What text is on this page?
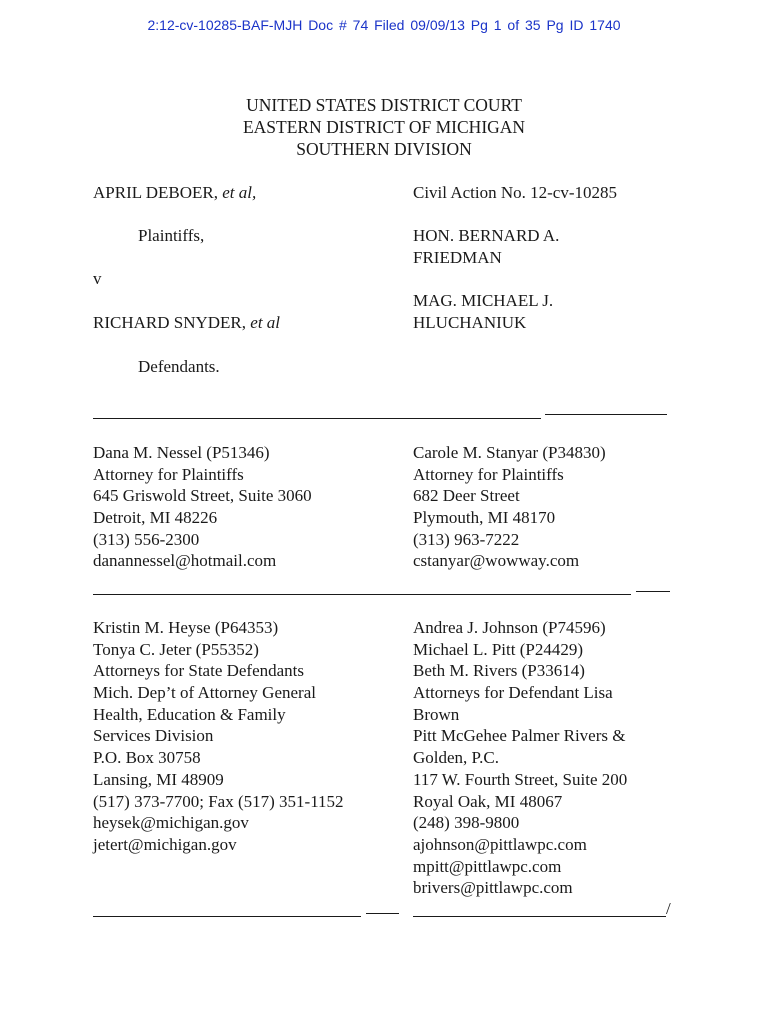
2:12-cv-10285-BAF-MJH Doc # 74 Filed 09/09/13 Pg 1 of 35 Pg ID 1740
UNITED STATES DISTRICT COURT
EASTERN DISTRICT OF MICHIGAN
SOUTHERN DIVISION
APRIL DEBOER, et al,
Plaintiffs,
v
RICHARD SNYDER, et al
Defendants.
Civil Action No. 12-cv-10285
HON. BERNARD A.
FRIEDMAN
MAG. MICHAEL J.
HLUCHANIUK
Dana M. Nessel (P51346)
Attorney for Plaintiffs
645 Griswold Street, Suite 3060
Detroit, MI 48226
(313) 556-2300
danannessel@hotmail.com
Carole M. Stanyar (P34830)
Attorney for Plaintiffs
682 Deer Street
Plymouth, MI 48170
(313) 963-7222
cstanyar@wowway.com
Kristin M. Heyse (P64353)
Tonya C. Jeter (P55352)
Attorneys for State Defendants
Mich. Dep’t of Attorney General
Health, Education & Family
Services Division
P.O. Box 30758
Lansing, MI 48909
(517) 373-7700; Fax (517) 351-1152
heysek@michigan.gov
jetert@michigan.gov
Andrea J. Johnson (P74596)
Michael L. Pitt (P24429)
Beth M. Rivers (P33614)
Attorneys for Defendant Lisa
Brown
Pitt McGehee Palmer Rivers &
Golden, P.C.
117 W. Fourth Street, Suite 200
Royal Oak, MI 48067
(248) 398-9800
ajohnson@pittlawpc.com
mpitt@pittlawpc.com
brivers@pittlawpc.com
/
